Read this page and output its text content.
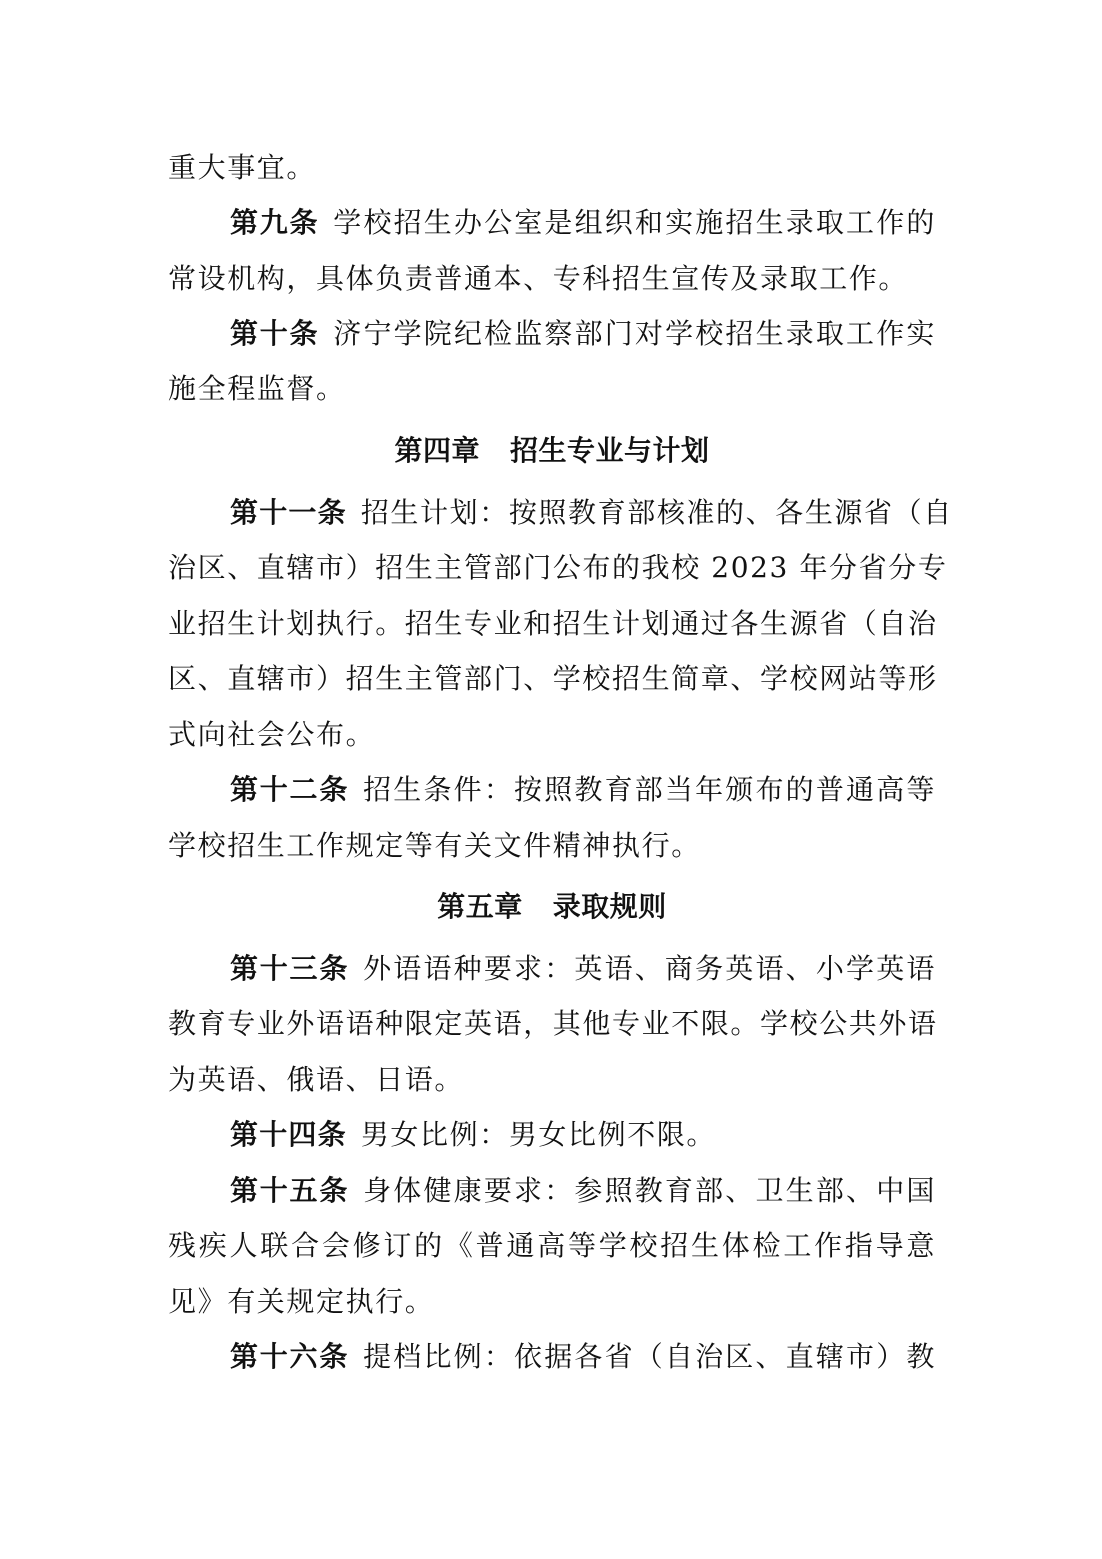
重大事宜。
第九条 学校招生办公室是组织和实施招生录取工作的
常设机构，具体负责普通本、专科招生宣传及录取工作。
第十条 济宁学院纪检监察部门对学校招生录取工作实
施全程监督。
第四章 招生专业与计划
第十一条 招生计划：按照教育部核准的、各生源省（自
治区、直辖市）招生主管部门公布的我校 2023 年分省分专
业招生计划执行。招生专业和招生计划通过各生源省（自治
区、直辖市）招生主管部门、学校招生简章、学校网站等形
式向社会公布。
第十二条 招生条件：按照教育部当年颁布的普通高等
学校招生工作规定等有关文件精神执行。
第五章 录取规则
第十三条 外语语种要求：英语、商务英语、小学英语
教育专业外语语种限定英语，其他专业不限。学校公共外语
为英语、俄语、日语。
第十四条 男女比例：男女比例不限。
第十五条 身体健康要求：参照教育部、卫生部、中国
残疾人联合会修订的《普通高等学校招生体检工作指导意
见》有关规定执行。
第十六条 提档比例：依据各省（自治区、直辖市）教
